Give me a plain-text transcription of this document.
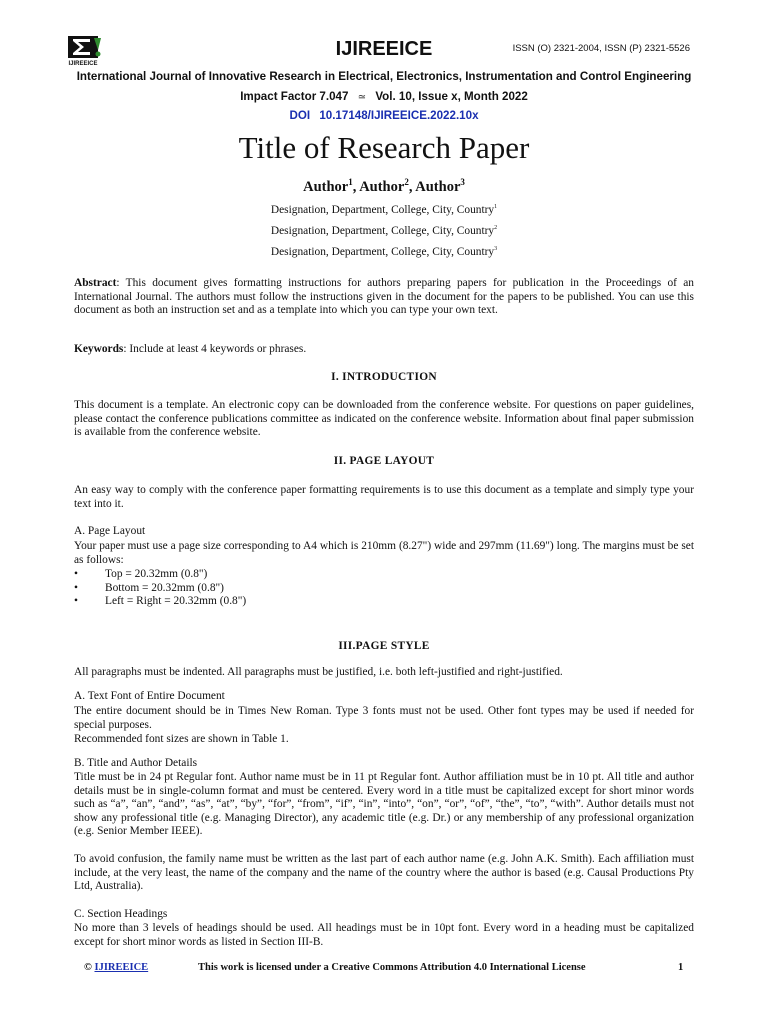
IJIREEICE
IJIREEICE	ISSN (O) 2321-2004, ISSN (P) 2321-5526
International Journal of Innovative Research in Electrical, Electronics, Instrumentation and Control Engineering
Impact Factor 7.047 ≃ Vol. 10, Issue x, Month 2022
DOI 10.17148/IJIREEICE.2022.10x
Title of Research Paper
Author$^1$, Author$^2$, Author$^3$
Designation, Department, College, City, Country$^1$
Designation, Department, College, City, Country$^2$
Designation, Department, College, City, Country$^3$
Abstract: This document gives formatting instructions for authors preparing papers for publication in the Proceedings of an International Journal. The authors must follow the instructions given in the document for the papers to be published. You can use this document as both an instruction set and as a template into which you can type your own text.
Keywords: Include at least 4 keywords or phrases.
I. INTRODUCTION
This document is a template. An electronic copy can be downloaded from the conference website. For questions on paper guidelines, please contact the conference publications committee as indicated on the conference website. Information about final paper submission is available from the conference website.
II. PAGE LAYOUT
An easy way to comply with the conference paper formatting requirements is to use this document as a template and simply type your text into it.
A. Page Layout
Your paper must use a page size corresponding to A4 which is 210mm (8.27") wide and 297mm (11.69") long. The margins must be set as follows:
• Top = 20.32mm (0.8")
• Bottom = 20.32mm (0.8")
• Left = Right = 20.32mm (0.8")
III.PAGE STYLE
All paragraphs must be indented. All paragraphs must be justified, i.e. both left-justified and right-justified.
A. Text Font of Entire Document
The entire document should be in Times New Roman. Type 3 fonts must not be used. Other font types may be used if needed for special purposes.
Recommended font sizes are shown in Table 1.
B. Title and Author Details
Title must be in 24 pt Regular font. Author name must be in 11 pt Regular font. Author affiliation must be in 10 pt. All title and author details must be in single-column format and must be centered. Every word in a title must be capitalized except for short minor words such as “a”, “an”, “and”, “as”, “at”, “by”, “for”, “from”, “if”, “in”, “into”, “on”, “or”, “of”, “the”, “to”, “with”. Author details must not show any professional title (e.g. Managing Director), any academic title (e.g. Dr.) or any membership of any professional organization (e.g. Senior Member IEEE).
To avoid confusion, the family name must be written as the last part of each author name (e.g. John A.K. Smith). Each affiliation must include, at the very least, the name of the company and the name of the country where the author is based (e.g. Causal Productions Pty Ltd, Australia).
C. Section Headings
No more than 3 levels of headings should be used. All headings must be in 10pt font. Every word in a heading must be capitalized except for short minor words as listed in Section III-B.
© IJIREEICE	This work is licensed under a Creative Commons Attribution 4.0 International License	1
